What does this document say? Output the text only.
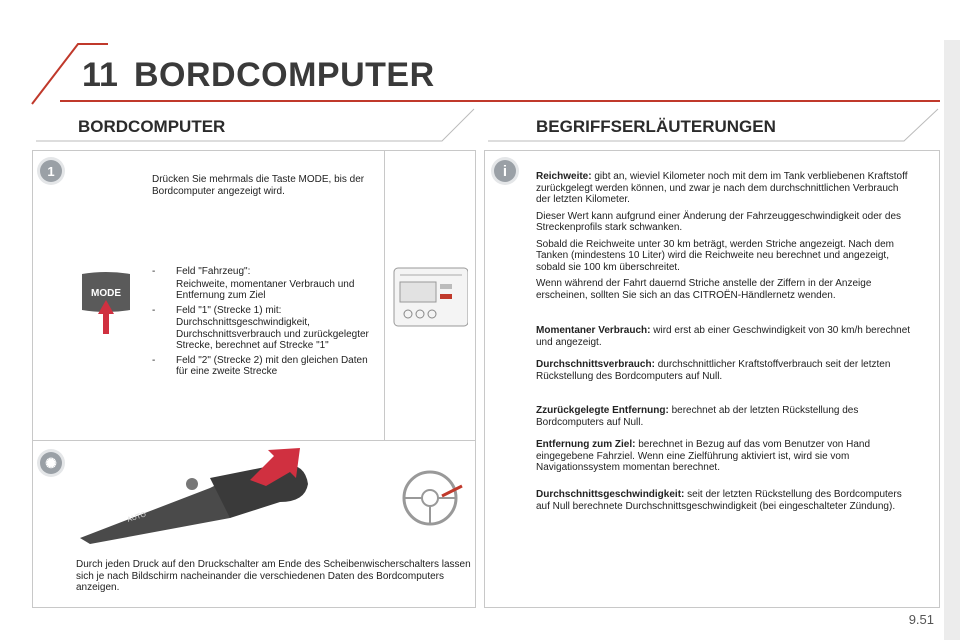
11 BORDCOMPUTER
BORDCOMPUTER	BEGRIFFSERLÄUTERUNGEN
1
Drücken Sie mehrmals die Taste MODE, bis der Bordcomputer angezeigt wird.
MODE
-	Feld "Fahrzeug":
Reichweite, momentaner Verbrauch und Entfernung zum Ziel
-	Feld "1" (Strecke 1) mit:
Durchschnittsgeschwindigkeit, Durchschnittsverbrauch und zurückgelegter Strecke, berechnet auf Strecke "1"
-	Feld "2" (Strecke 2) mit den gleichen Daten für eine zweite Strecke
✺
AUTO
Durch jeden Druck auf den Druckschalter am Ende des Scheibenwischerschalters lassen sich je nach Bildschirm nacheinander die verschiedenen Daten des Bordcomputers anzeigen.
i	Reichweite: gibt an, wieviel Kilometer noch mit dem im Tank verbliebenen Kraftstoff zurückgelegt werden können, und zwar je nach dem durchschnittlichen Verbrauch der letzten Kilometer.

Dieser Wert kann aufgrund einer Änderung der Fahrzeuggeschwindigkeit oder des Streckenprofils stark schwanken.

Sobald die Reichweite unter 30 km beträgt, werden Striche angezeigt. Nach dem Tanken (mindestens 10 Liter) wird die Reichweite neu berechnet und angezeigt, sobald sie 100 km überschreitet.

Wenn während der Fahrt dauernd Striche anstelle der Ziffern in der Anzeige erscheinen, sollten Sie sich an das CITROËN-Händlernetz wenden.

Momentaner Verbrauch: wird erst ab einer Geschwindigkeit von 30 km/h berechnet und angezeigt.
Durchschnittsverbrauch: durchschnittlicher Kraftstoffverbrauch seit der letzten Rückstellung des Bordcomputers auf Null.
Zzurückgelegte Entfernung: berechnet ab der letzten Rückstellung des Bordcomputers auf Null.
Entfernung zum Ziel: berechnet in Bezug auf das vom Benutzer von Hand eingegebene Fahrziel. Wenn eine Zielführung aktiviert ist, wird sie vom Navigationssystem momentan berechnet.
Durchschnittsgeschwindigkeit: seit der letzten Rückstellung des Bordcomputers auf Null berechnete Durchschnittsgeschwindigkeit (bei eingeschalteter Zündung).
9.51
